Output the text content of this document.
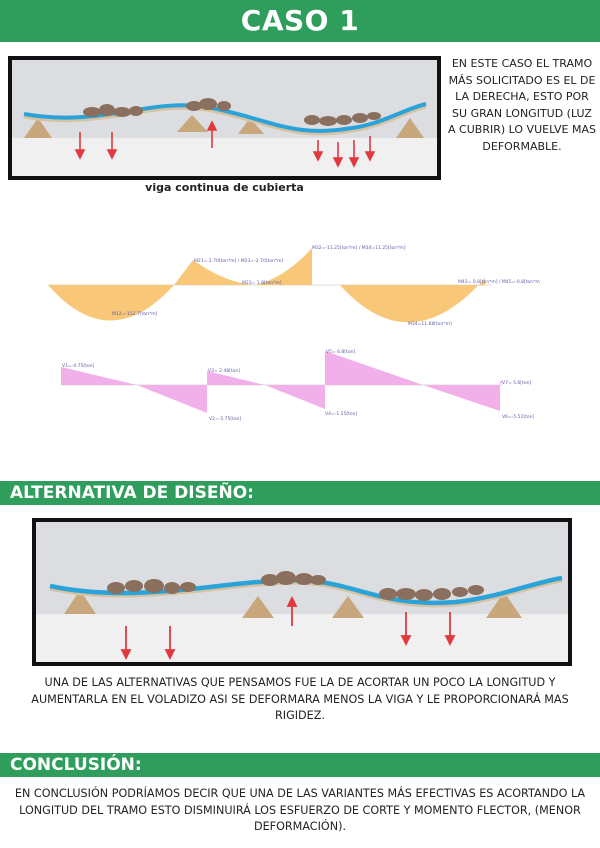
CASO 1
viga continua de cubierta
EN ESTE CASO EL TRAMO MÁS SOLICITADO ES EL DE LA DERECHA, ESTO POR SU GRAN LONGITUD (LUZ A CUBRIR) LO VUELVE MAS DEFORMABLE.
M12=-152.7[ton*m]
M21= 2.70[ton*m] / M23=-2.70[ton*m]
M23= 1.8[ton*m]
M32=-11.25[ton*m] / M34=11.25[ton*m]
M34=11.68[ton*m]
M43= 0.8[ton*m] / M45=-0.8[ton*m]
V1=-4.75[ton]
V2=-5.75[ton]
V3= 2.48[ton]
V4=-1.55[ton]
V5= 6.8[ton]
V6=-5.51[ton]
V7= 5.6[ton]
ALTERNATIVA DE DISEÑO:
UNA DE LAS ALTERNATIVAS QUE PENSAMOS FUE LA DE ACORTAR UN POCO LA LONGITUD Y AUMENTARLA EN EL VOLADIZO ASI SE DEFORMARA MENOS LA VIGA Y LE PROPORCIONARÁ MAS RIGIDEZ.
CONCLUSIÓN:
EN CONCLUSIÓN PODRÍAMOS DECIR QUE UNA DE LAS VARIANTES MÁS EFECTIVAS ES ACORTANDO LA LONGITUD DEL TRAMO ESTO DISMINUIRÁ LOS ESFUERZO DE CORTE Y MOMENTO FLECTOR, (MENOR DEFORMACIÓN).
